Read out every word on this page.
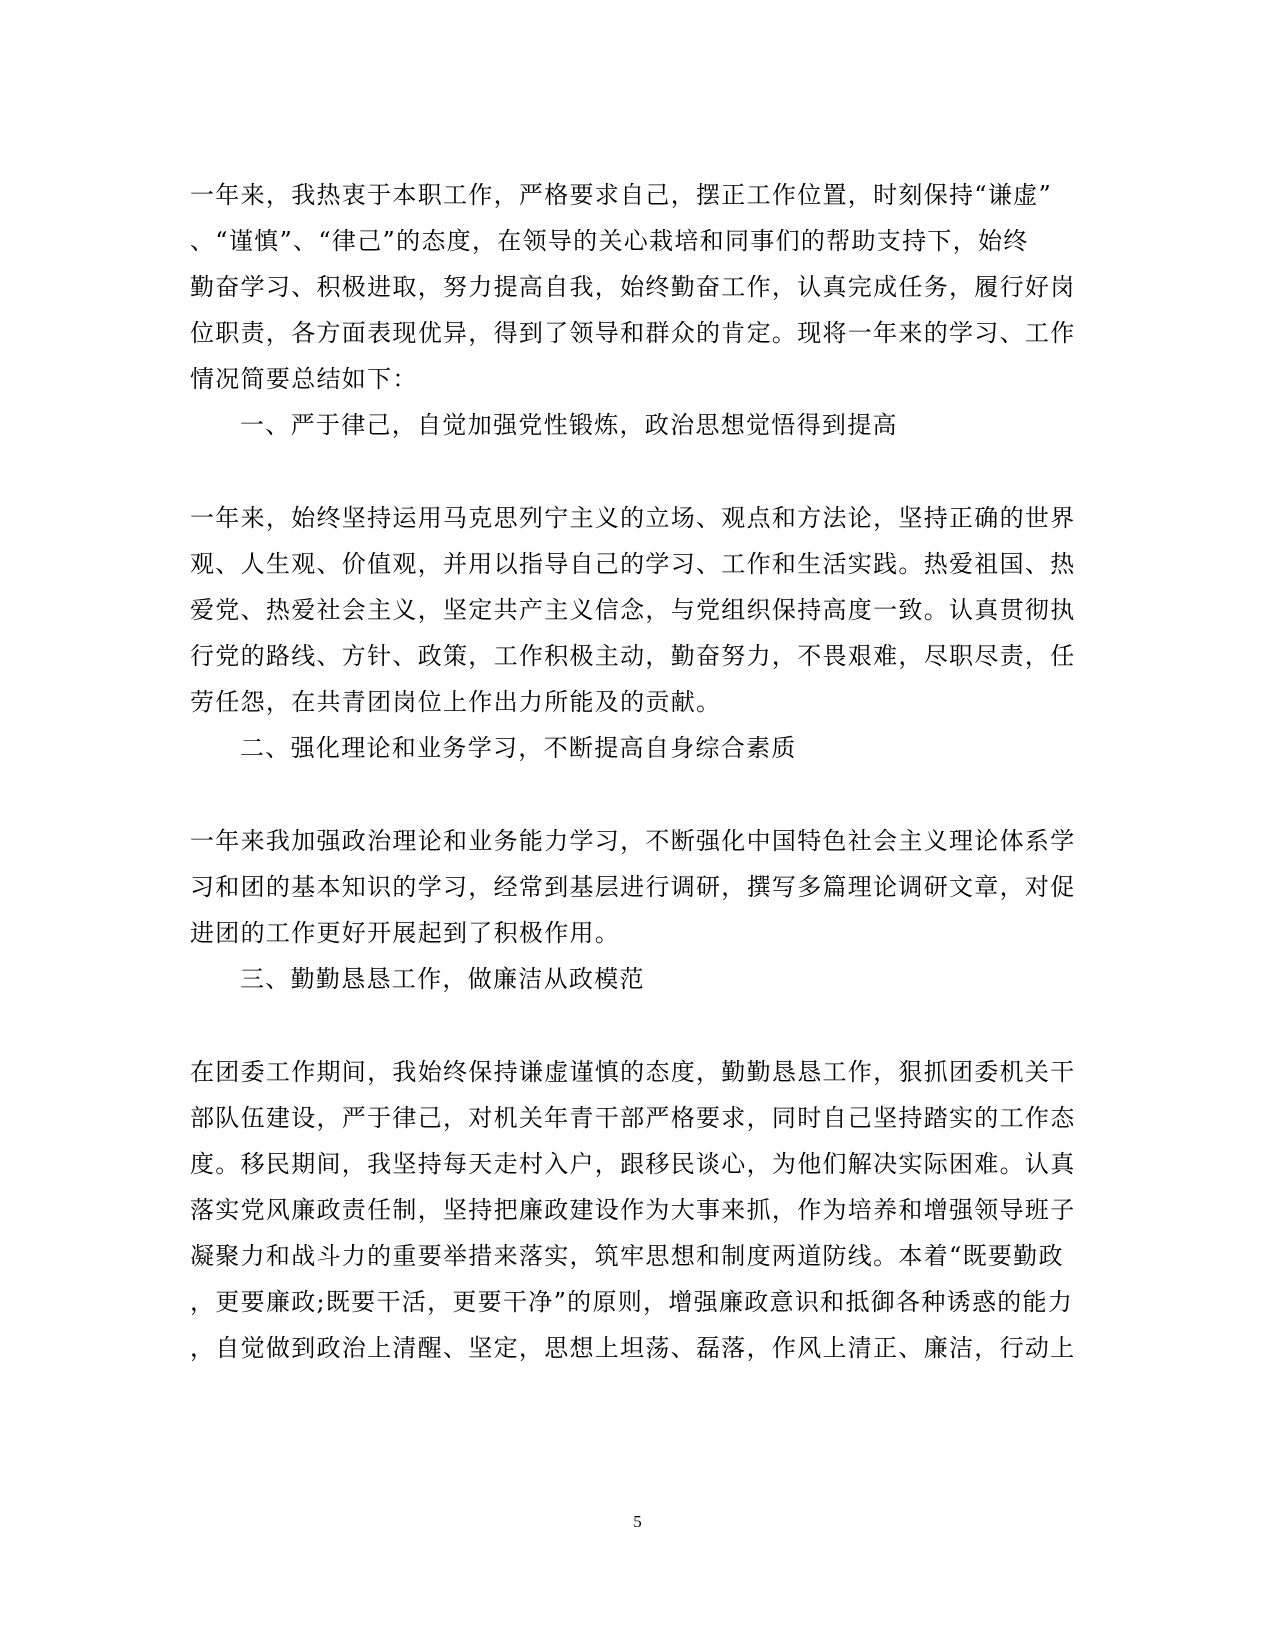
一年来，我热衷于本职工作，严格要求自己，摆正工作位置，时刻保持“谦虚”
、“谨慎”、“律己”的态度，在领导的关心栽培和同事们的帮助支持下，始终
勤奋学习、积极进取，努力提高自我，始终勤奋工作，认真完成任务，履行好岗
位职责，各方面表现优异，得到了领导和群众的肯定。现将一年来的学习、工作
情况简要总结如下：
一、严于律己，自觉加强党性锻炼，政治思想觉悟得到提高
一年来，始终坚持运用马克思列宁主义的立场、观点和方法论，坚持正确的世界
观、人生观、价值观，并用以指导自己的学习、工作和生活实践。热爱祖国、热
爱党、热爱社会主义，坚定共产主义信念，与党组织保持高度一致。认真贯彻执
行党的路线、方针、政策，工作积极主动，勤奋努力，不畏艰难，尽职尽责，任
劳任怨，在共青团岗位上作出力所能及的贡献。
二、强化理论和业务学习，不断提高自身综合素质
一年来我加强政治理论和业务能力学习，不断强化中国特色社会主义理论体系学
习和团的基本知识的学习，经常到基层进行调研，撰写多篇理论调研文章，对促
进团的工作更好开展起到了积极作用。
三、勤勤恳恳工作，做廉洁从政模范
在团委工作期间，我始终保持谦虚谨慎的态度，勤勤恳恳工作，狠抓团委机关干
部队伍建设，严于律己，对机关年青干部严格要求，同时自己坚持踏实的工作态
度。移民期间，我坚持每天走村入户，跟移民谈心，为他们解决实际困难。认真
落实党风廉政责任制，坚持把廉政建设作为大事来抓，作为培养和增强领导班子
凝聚力和战斗力的重要举措来落实，筑牢思想和制度两道防线。本着“既要勤政
，更要廉政;既要干活，更要干净”的原则，增强廉政意识和抵御各种诱惑的能力
，自觉做到政治上清醒、坚定，思想上坦荡、磊落，作风上清正、廉洁，行动上
5
